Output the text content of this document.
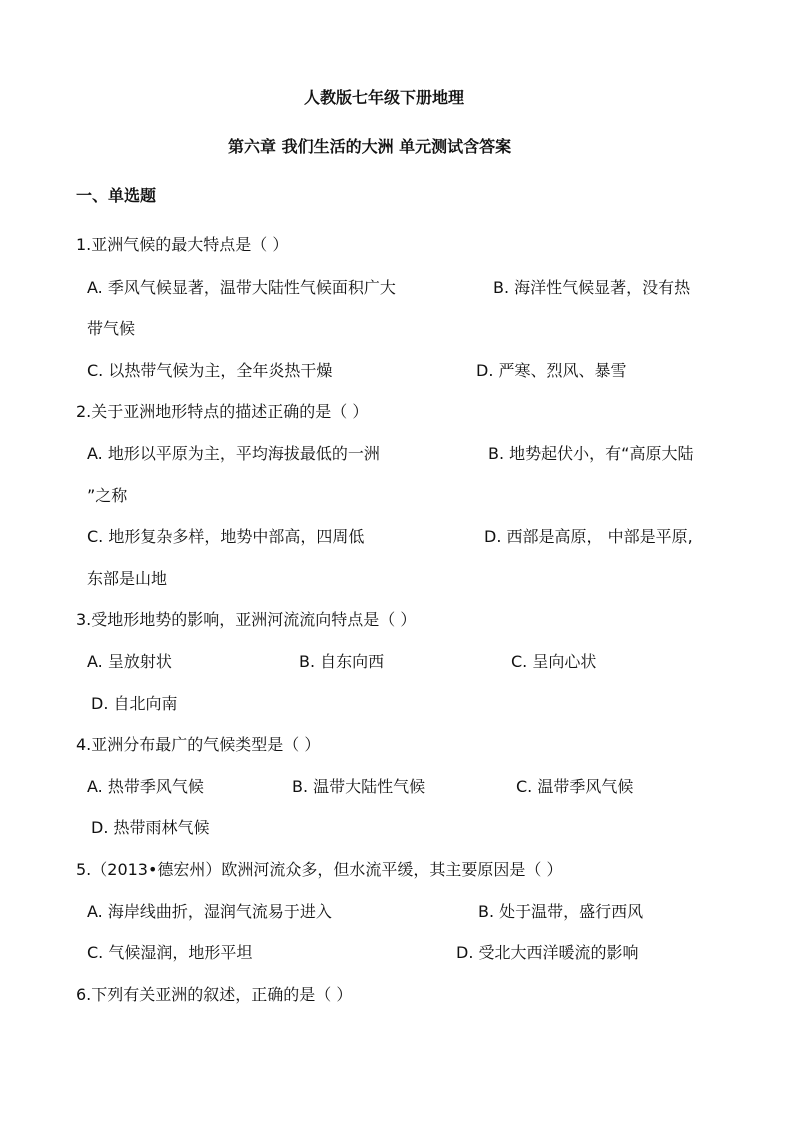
人教版七年级下册地理
第六章 我们生活的大洲 单元测试含答案
一、单选题
1.亚洲气候的最大特点是（ ）
A. 季风气候显著，温带大陆性气候面积广大	B. 海洋性气候显著，没有热
带气候
C. 以热带气候为主，全年炎热干燥	D. 严寒、烈风、暴雪
2.关于亚洲地形特点的描述正确的是（ ）
A. 地形以平原为主，平均海拔最低的一洲	B. 地势起伏小，有“高原大陆
”之称
C. 地形复杂多样，地势中部高，四周低	D. 西部是高原， 中部是平原,
东部是山地
3.受地形地势的影响，亚洲河流流向特点是（ ）
A. 呈放射状	B. 自东向西	C. 呈向心状
D. 自北向南
4.亚洲分布最广的气候类型是（ ）
A. 热带季风气候	B. 温带大陆性气候	C. 温带季风气候
D. 热带雨林气候
5.（2013•德宏州）欧洲河流众多，但水流平缓，其主要原因是（ ）
A. 海岸线曲折，湿润气流易于进入	B. 处于温带，盛行西风
C. 气候湿润，地形平坦	D. 受北大西洋暖流的影响
6.下列有关亚洲的叙述，正确的是（ ）
